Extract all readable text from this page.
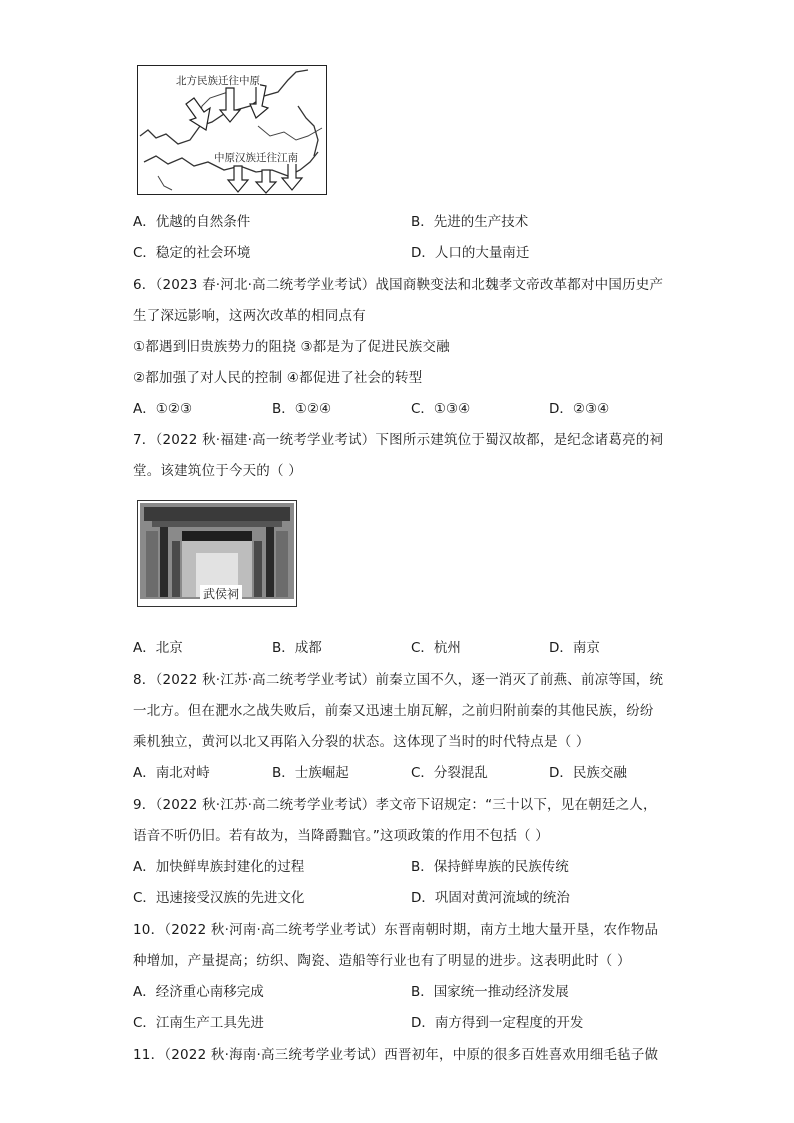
北方民族迁往中原
中原汉族迁往江南
A．优越的自然条件	B．先进的生产技术
C．稳定的社会环境	D．人口的大量南迁
6．（2023 春·河北·高二统考学业考试）战国商鞅变法和北魏孝文帝改革都对中国历史产
生了深远影响，这两次改革的相同点有
①都遇到旧贵族势力的阻挠 ③都是为了促进民族交融
②都加强了对人民的控制 ④都促进了社会的转型
A．①②③	B．①②④	C．①③④	D．②③④
7．（2022 秋·福建·高一统考学业考试）下图所示建筑位于蜀汉故都，是纪念诸葛亮的祠
堂。该建筑位于今天的（ ）
武侯祠
A．北京	B．成都	C．杭州	D．南京
8．（2022 秋·江苏·高二统考学业考试）前秦立国不久，逐一消灭了前燕、前凉等国，统
一北方。但在淝水之战失败后，前秦又迅速土崩瓦解，之前归附前秦的其他民族，纷纷
乘机独立，黄河以北又再陷入分裂的状态。这体现了当时的时代特点是（ ）
A．南北对峙	B．士族崛起	C．分裂混乱	D．民族交融
9．（2022 秋·江苏·高二统考学业考试）孝文帝下诏规定：“三十以下，见在朝廷之人，
语音不听仍旧。若有故为，当降爵黜官。”这项政策的作用不包括（ ）
A．加快鲜卑族封建化的过程	B．保持鲜卑族的民族传统
C．迅速接受汉族的先进文化	D．巩固对黄河流域的统治
10．（2022 秋·河南·高二统考学业考试）东晋南朝时期，南方土地大量开垦，农作物品
种增加，产量提高；纺织、陶瓷、造船等行业也有了明显的进步。这表明此时（ ）
A．经济重心南移完成	B．国家统一推动经济发展
C．江南生产工具先进	D．南方得到一定程度的开发
11．（2022 秋·海南·高三统考学业考试）西晋初年，中原的很多百姓喜欢用细毛毡子做
